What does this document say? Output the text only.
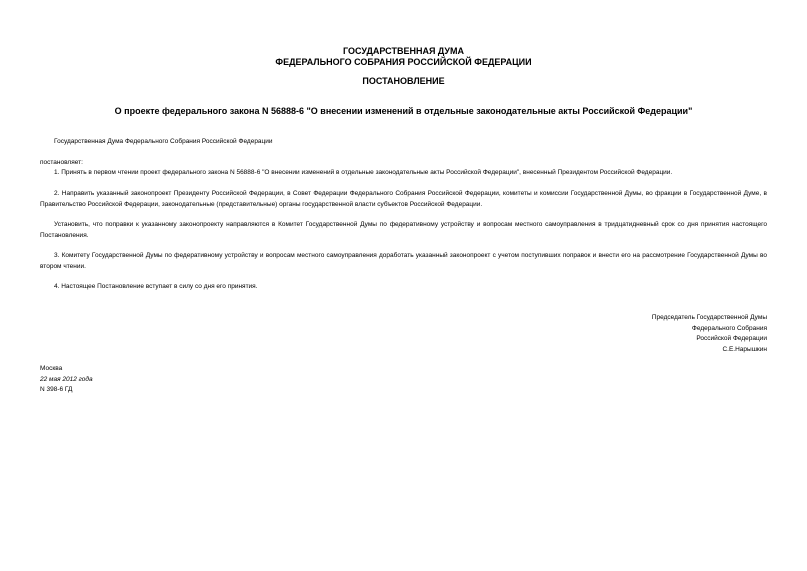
ГОСУДАРСТВЕННАЯ ДУМА
ФЕДЕРАЛЬНОГО СОБРАНИЯ РОССИЙСКОЙ ФЕДЕРАЦИИ
ПОСТАНОВЛЕНИЕ
О проекте федерального закона N 56888-6 "О внесении изменений в отдельные законодательные акты Российской Федерации"
Государственная Дума Федерального Собрания Российской Федерации
постановляет:
1. Принять в первом чтении проект федерального закона N 56888-6 "О внесении изменений в отдельные законодательные акты Российской Федерации", внесенный Президентом Российской Федерации.
2. Направить указанный законопроект Президенту Российской Федерации, в Совет Федерации Федерального Собрания Российской Федерации, комитеты и комиссии Государственной Думы, во фракции в Государственной Думе, в Правительство Российской Федерации, законодательные (представительные) органы государственной власти субъектов Российской Федерации.
Установить, что поправки к указанному законопроекту направляются в Комитет Государственной Думы по федеративному устройству и вопросам местного самоуправления в тридцатидневный срок со дня принятия настоящего Постановления.
3. Комитету Государственной Думы по федеративному устройству и вопросам местного самоуправления доработать указанный законопроект с учетом поступивших поправок и внести его на рассмотрение Государственной Думы во втором чтении.
4. Настоящее Постановление вступает в силу со дня его принятия.
Председатель Государственной Думы
Федерального Собрания
Российской Федерации
С.Е.Нарышкин
Москва
22 мая 2012 года
N 398-6 ГД
